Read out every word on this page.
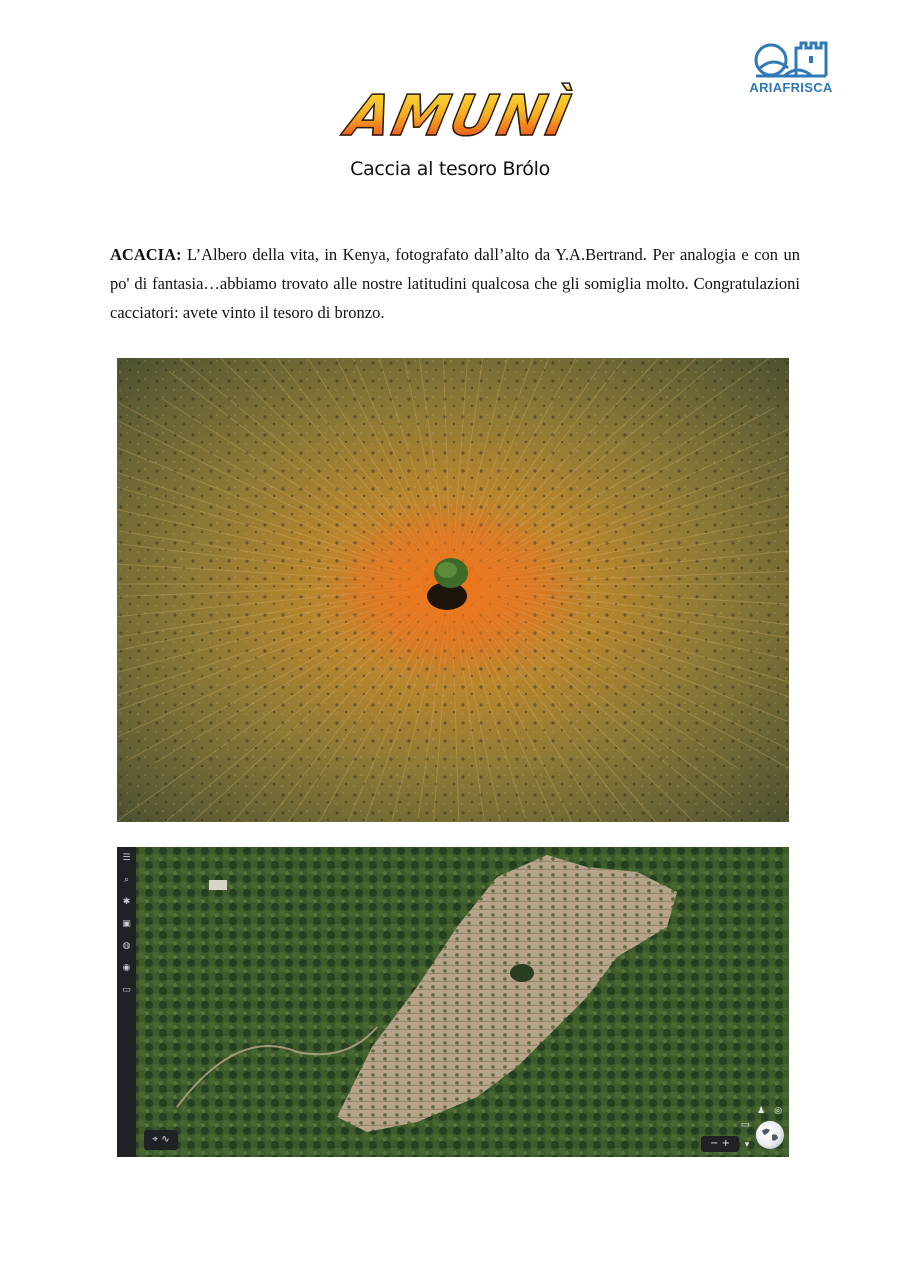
ARIAFRISCA
AMUNÌ
Caccia al tesoro Brólo
ACACIA: L’Albero della vita, in Kenya, fotografato dall’alto da Y.A.Bertrand. Per analogia e con un po' di fantasia…abbiamo trovato alle nostre latitudini qualcosa che gli somiglia molto. Congratulazioni cacciatori: avete vinto il tesoro di bronzo.
☰
⌕
✱
▣
◍
◉
▭
⌖ ∿
♟ ◎
▭
− +	▾
